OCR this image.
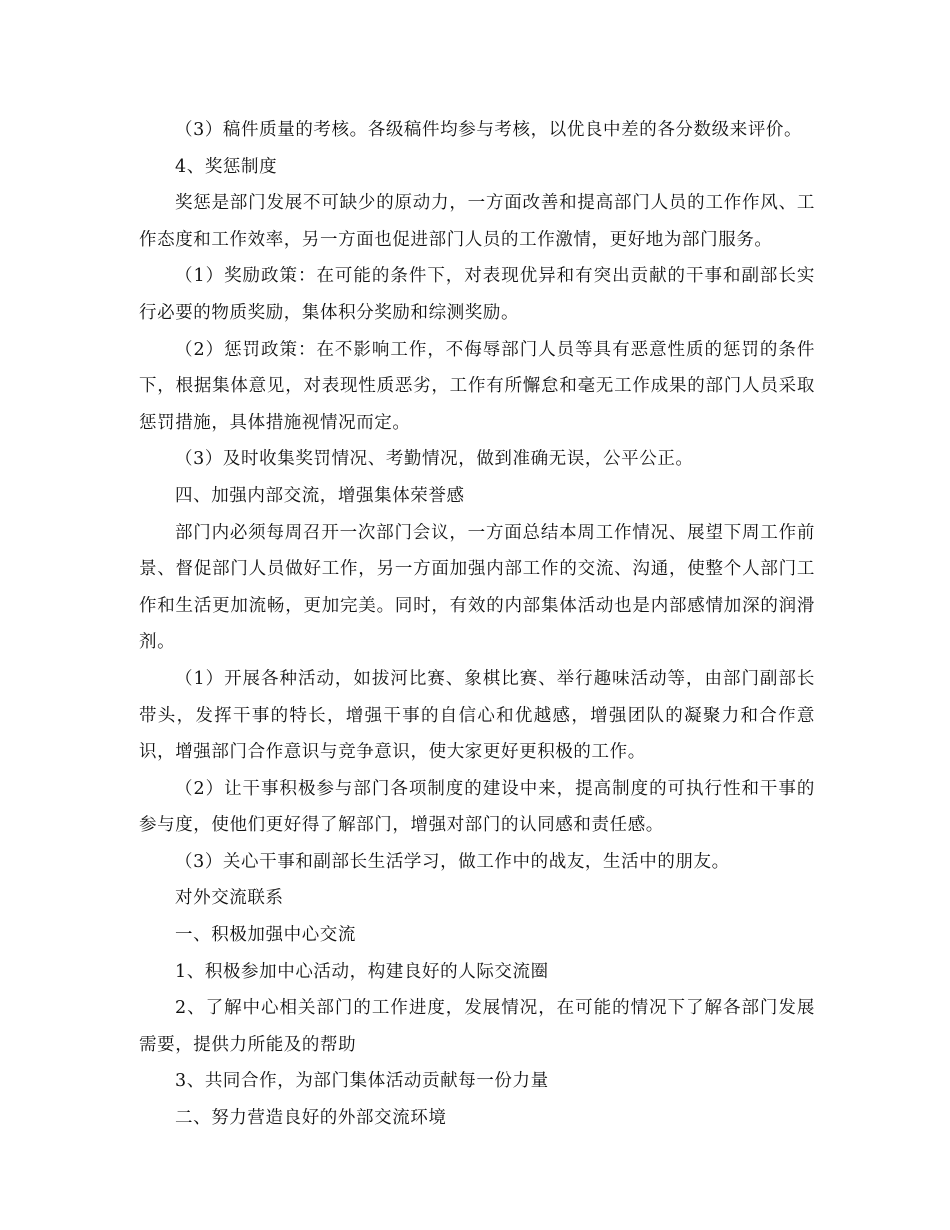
（3）稿件质量的考核。各级稿件均参与考核，以优良中差的各分数级来评价。

4、奖惩制度

奖惩是部门发展不可缺少的原动力，一方面改善和提高部门人员的工作作风、工作态度和工作效率，另一方面也促进部门人员的工作激情，更好地为部门服务。

（1）奖励政策：在可能的条件下，对表现优异和有突出贡献的干事和副部长实行必要的物质奖励，集体积分奖励和综测奖励。

（2）惩罚政策：在不影响工作，不侮辱部门人员等具有恶意性质的惩罚的条件下，根据集体意见，对表现性质恶劣，工作有所懈怠和毫无工作成果的部门人员采取惩罚措施，具体措施视情况而定。

（3）及时收集奖罚情况、考勤情况，做到准确无误，公平公正。

四、加强内部交流，增强集体荣誉感

部门内必须每周召开一次部门会议，一方面总结本周工作情况、展望下周工作前景、督促部门人员做好工作，另一方面加强内部工作的交流、沟通，使整个人部门工作和生活更加流畅，更加完美。同时，有效的内部集体活动也是内部感情加深的润滑剂。

（1）开展各种活动，如拔河比赛、象棋比赛、举行趣味活动等，由部门副部长带头，发挥干事的特长，增强干事的自信心和优越感，增强团队的凝聚力和合作意识，增强部门合作意识与竞争意识，使大家更好更积极的工作。

（2）让干事积极参与部门各项制度的建设中来，提高制度的可执行性和干事的参与度，使他们更好得了解部门，增强对部门的认同感和责任感。

（3）关心干事和副部长生活学习，做工作中的战友，生活中的朋友。

对外交流联系

一、积极加强中心交流

1、积极参加中心活动，构建良好的人际交流圈

2、了解中心相关部门的工作进度，发展情况，在可能的情况下了解各部门发展需要，提供力所能及的帮助

3、共同合作，为部门集体活动贡献每一份力量

二、努力营造良好的外部交流环境
